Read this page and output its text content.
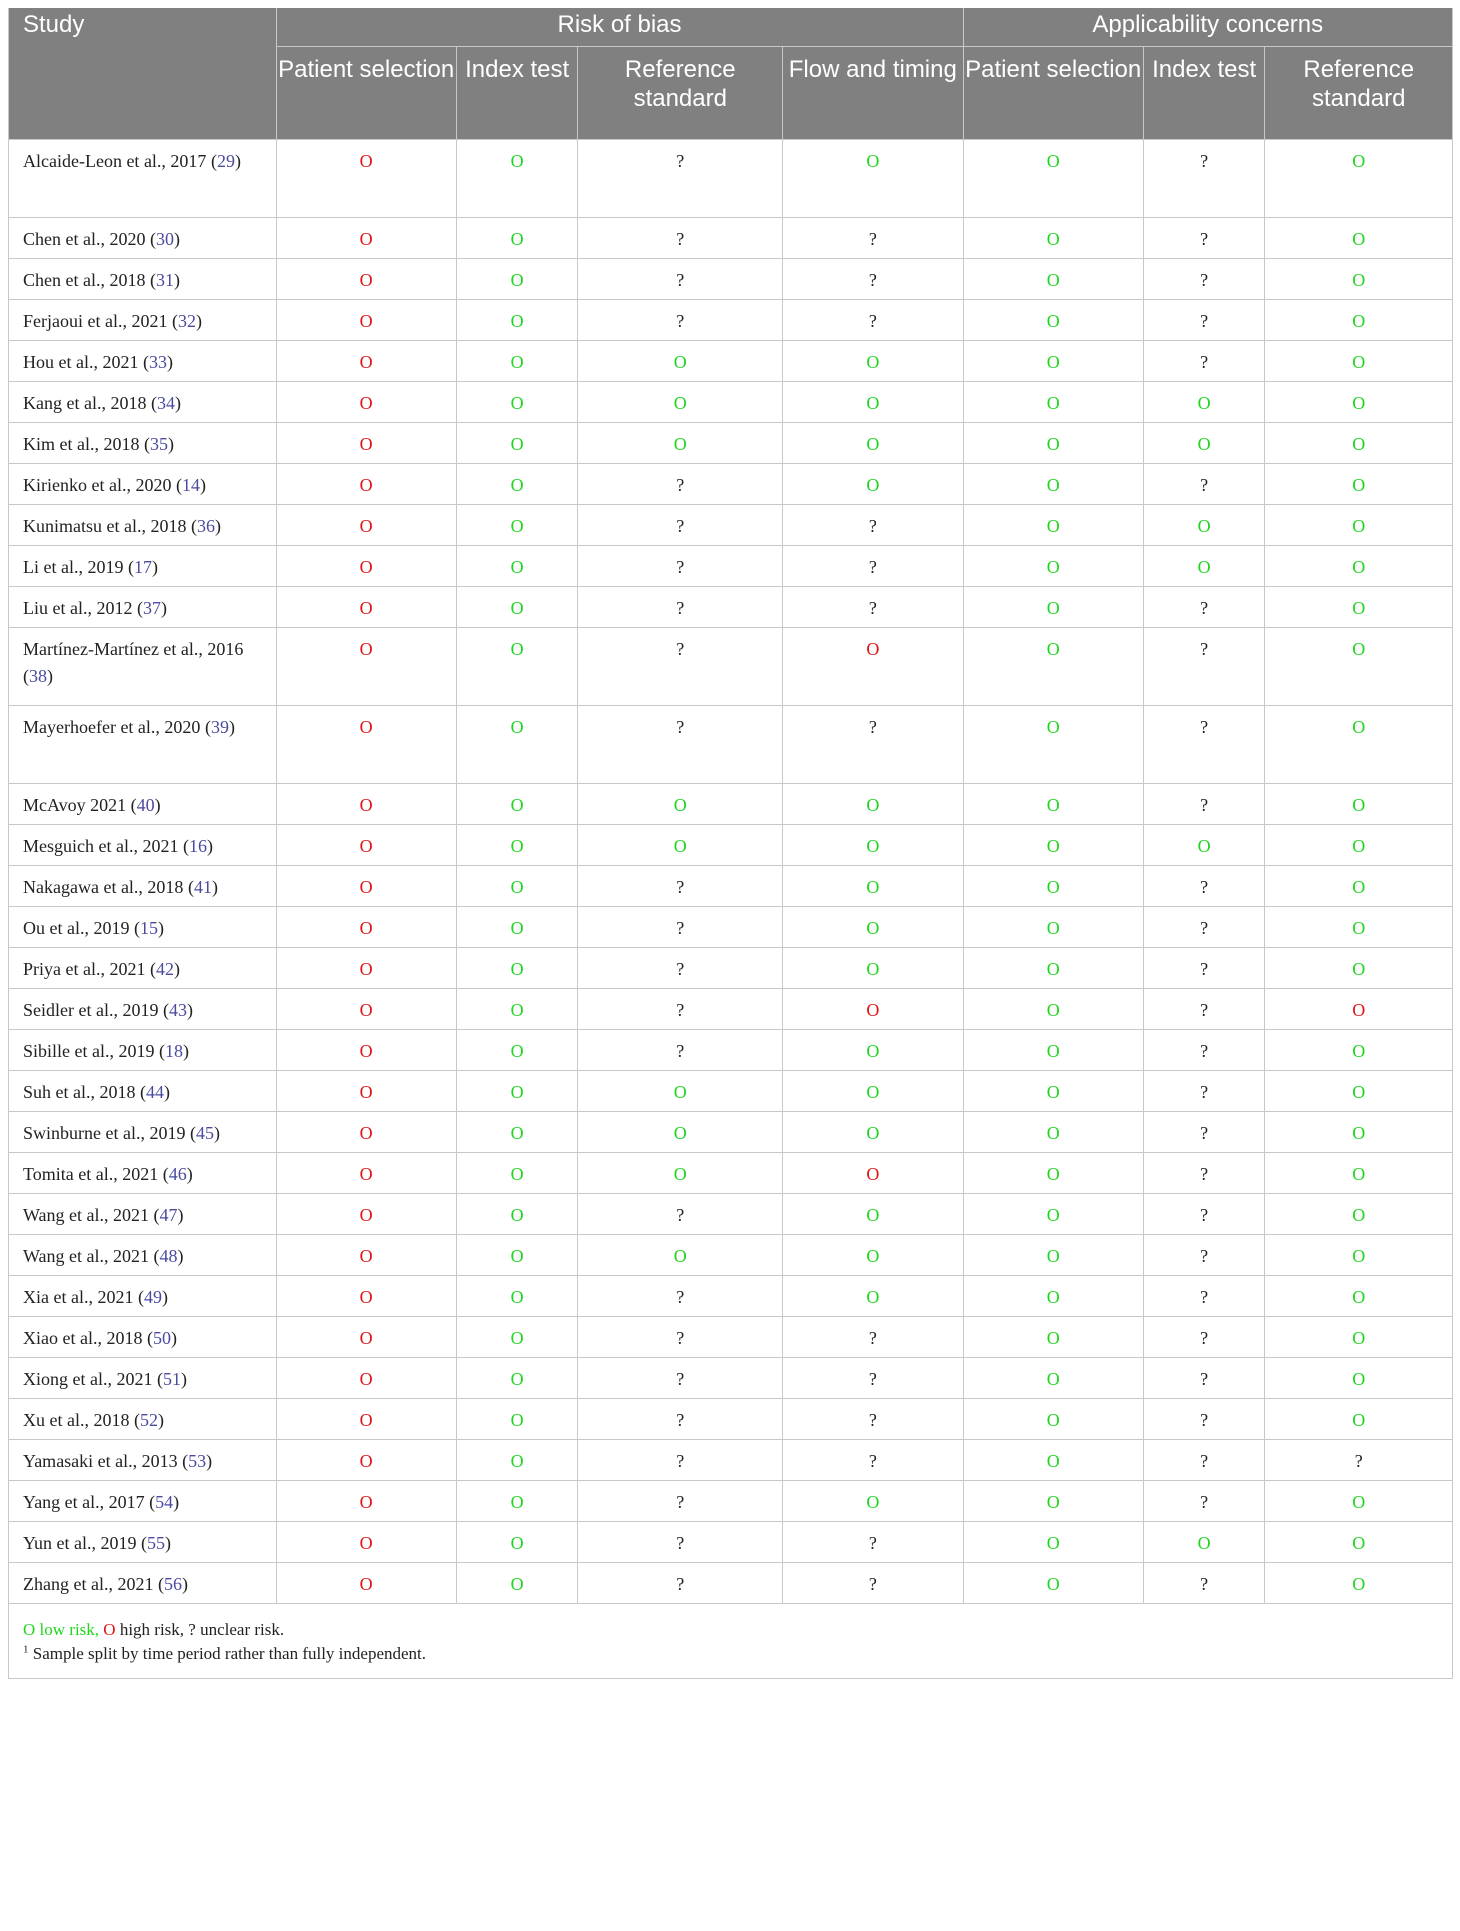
Study	Risk of bias				Applicability concerns		
	Patient selection	Index test	Reference standard	Flow and timing	Patient selection	Index test	Reference standard
Alcaide-Leon et al., 2017 (29)	O	O	?	O	O	?	O
Chen et al., 2020 (30)	O	O	?	?	O	?	O
Chen et al., 2018 (31)	O	O	?	?	O	?	O
Ferjaoui et al., 2021 (32)	O	O	?	?	O	?	O
Hou et al., 2021 (33)	O	O	O	O	O	?	O
Kang et al., 2018 (34)	O	O	O	O	O	O	O
Kim et al., 2018 (35)	O	O	O	O	O	O	O
Kirienko et al., 2020 (14)	O	O	?	O	O	?	O
Kunimatsu et al., 2018 (36)	O	O	?	?	O	O	O
Li et al., 2019 (17)	O	O	?	?	O	O	O
Liu et al., 2012 (37)	O	O	?	?	O	?	O
Martínez-Martínez et al., 2016 (38)	O	O	?	O	O	?	O
Mayerhoefer et al., 2020 (39)	O	O	?	?	O	?	O
McAvoy 2021 (40)	O	O	O	O	O	?	O
Mesguich et al., 2021 (16)	O	O	O	O	O	O	O
Nakagawa et al., 2018 (41)	O	O	?	O	O	?	O
Ou et al., 2019 (15)	O	O	?	O	O	?	O
Priya et al., 2021 (42)	O	O	?	O	O	?	O
Seidler et al., 2019 (43)	O	O	?	O	O	?	O
Sibille et al., 2019 (18)	O	O	?	O	O	?	O
Suh et al., 2018 (44)	O	O	O	O	O	?	O
Swinburne et al., 2019 (45)	O	O	O	O	O	?	O
Tomita et al., 2021 (46)	O	O	O	O	O	?	O
Wang et al., 2021 (47)	O	O	?	O	O	?	O
Wang et al., 2021 (48)	O	O	O	O	O	?	O
Xia et al., 2021 (49)	O	O	?	O	O	?	O
Xiao et al., 2018 (50)	O	O	?	?	O	?	O
Xiong et al., 2021 (51)	O	O	?	?	O	?	O
Xu et al., 2018 (52)	O	O	?	?	O	?	O
Yamasaki et al., 2013 (53)	O	O	?	?	O	?	?
Yang et al., 2017 (54)	O	O	?	O	O	?	O
Yun et al., 2019 (55)	O	O	?	?	O	O	O
Zhang et al., 2021 (56)	O	O	?	?	O	?	O

O low risk, O high risk, ? unclear risk.
$^1$ Sample split by time period rather than fully independent.							
